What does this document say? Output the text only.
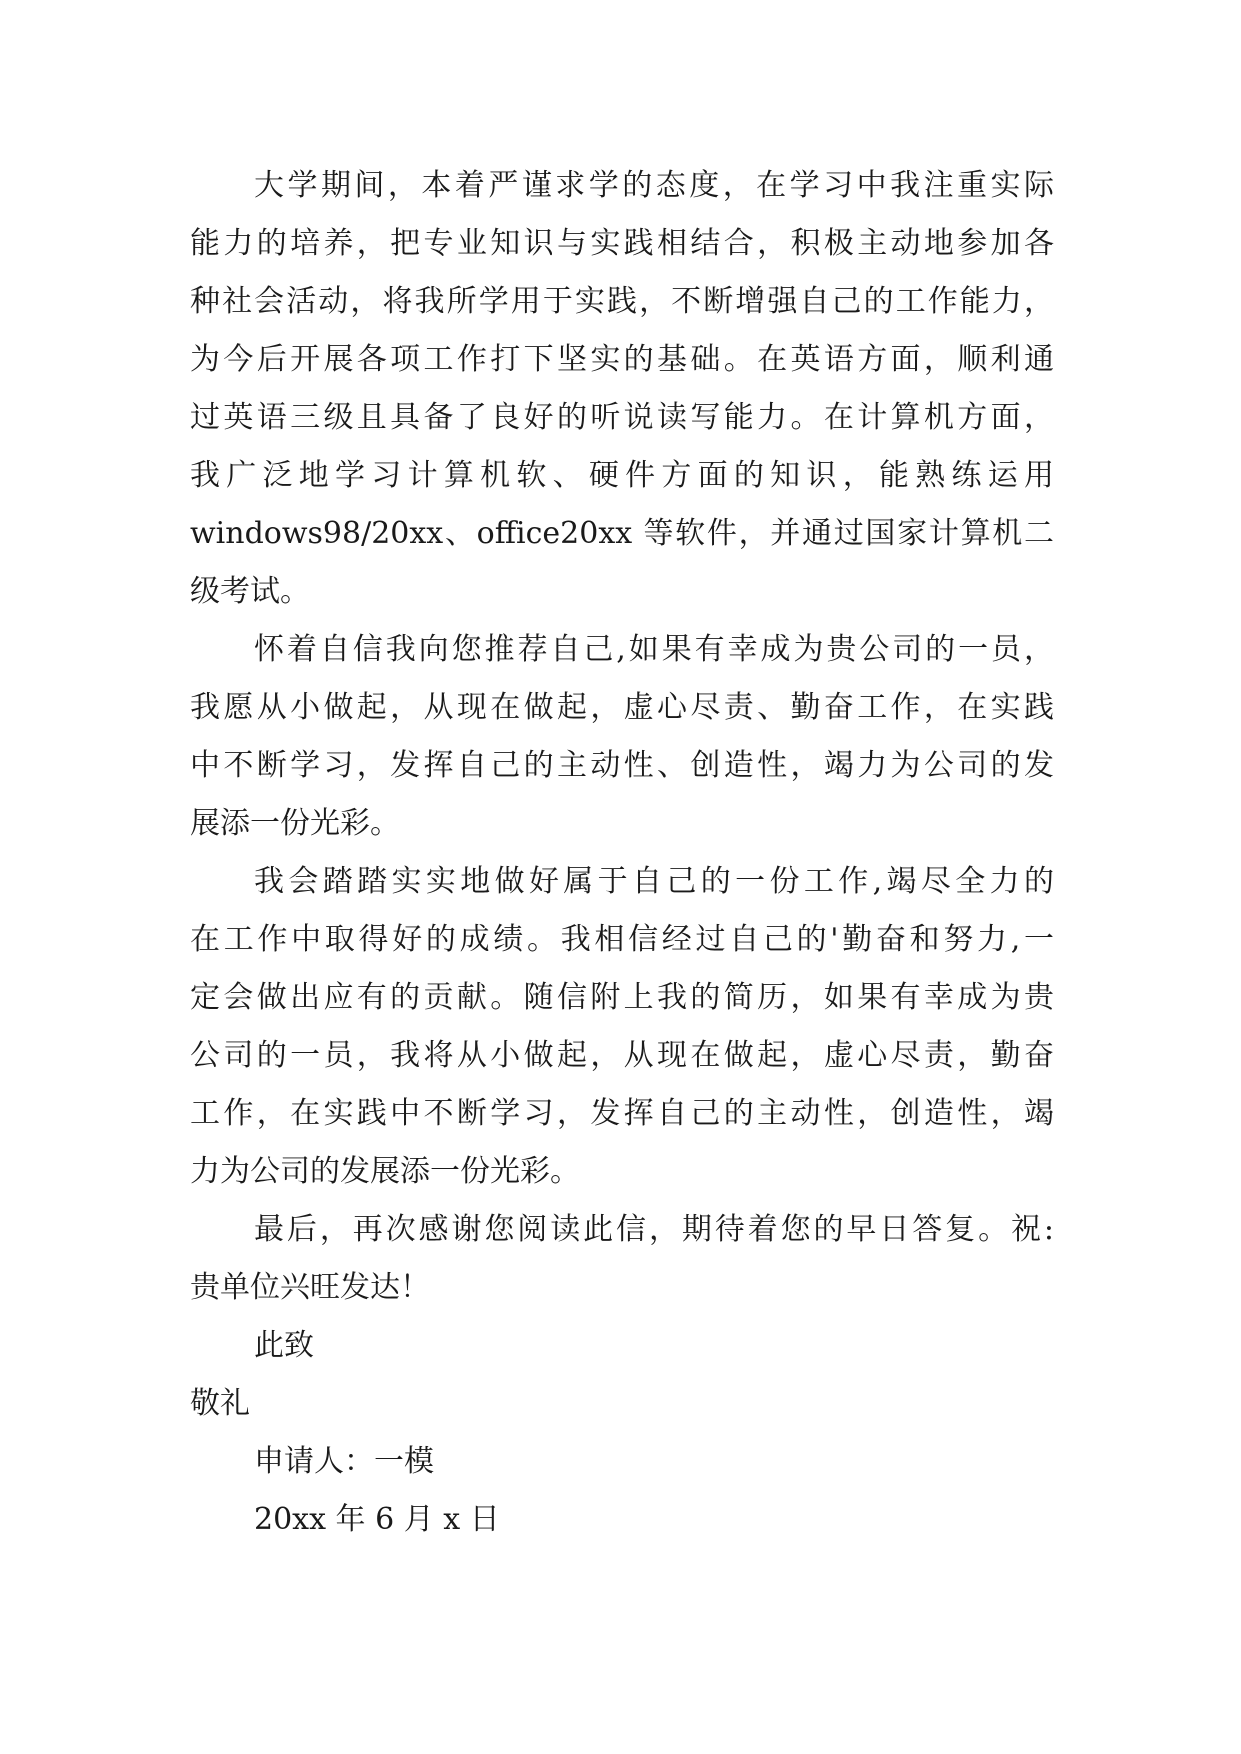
大学期间，本着严谨求学的态度，在学习中我注重实际
能力的培养，把专业知识与实践相结合，积极主动地参加各
种社会活动，将我所学用于实践，不断增强自己的工作能力，
为今后开展各项工作打下坚实的基础。在英语方面，顺利通
过英语三级且具备了良好的听说读写能力。在计算机方面，
我广泛地学习计算机软、硬件方面的知识，能熟练运用
windows98/20xx、office20xx 等软件，并通过国家计算机二
级考试。
怀着自信我向您推荐自己,如果有幸成为贵公司的一员，
我愿从小做起，从现在做起，虚心尽责、勤奋工作，在实践
中不断学习，发挥自己的主动性、创造性，竭力为公司的发
展添一份光彩。
我会踏踏实实地做好属于自己的一份工作,竭尽全力的
在工作中取得好的成绩。我相信经过自己的'勤奋和努力,一
定会做出应有的贡献。随信附上我的简历，如果有幸成为贵
公司的一员，我将从小做起，从现在做起，虚心尽责，勤奋
工作，在实践中不断学习，发挥自己的主动性，创造性，竭
力为公司的发展添一份光彩。
最后，再次感谢您阅读此信，期待着您的早日答复。祝:
贵单位兴旺发达！
此致
敬礼
申请人：一模
20xx 年 6 月 x 日
